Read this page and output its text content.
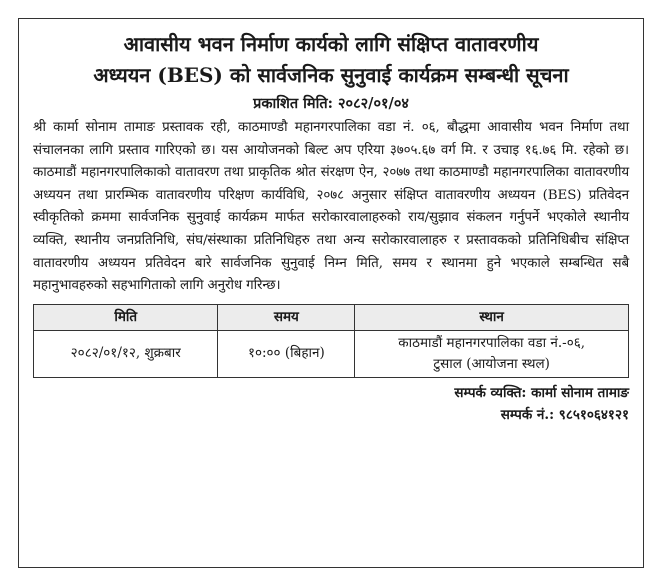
आवासीय भवन निर्माण कार्यको लागि संक्षिप्त वातावरणीय
अध्ययन (BES) को सार्वजनिक सुनुवाई कार्यक्रम सम्बन्धी सूचना
प्रकाशित मिति: २०८२/०१/०४
श्री कार्मा सोनाम तामाङ प्रस्तावक रही, काठमाण्डौ महानगरपालिका वडा नं. ०६, बौद्धमा आवासीय भवन निर्माण तथा संचालनका लागि प्रस्ताव गारिएको छ। यस आयोजनको बिल्ट अप एरिया ३७०५.६७ वर्ग मि. र उचाइ १६.७६ मि. रहेको छ। काठमाडौं महानगरपालिकाको वातावरण तथा प्राकृतिक श्रोत संरक्षण ऐन, २०७७ तथा काठमाण्डौ महानगरपालिका वातावरणीय अध्ययन तथा प्रारम्भिक वातावरणीय परिक्षण कार्यविधि, २०७८ अनुसार संक्षिप्त वातावरणीय अध्ययन (BES) प्रतिवेदन स्वीकृतिको क्रममा सार्वजनिक सुनुवाई कार्यक्रम मार्फत सरोकारवालाहरुको राय/सुझाव संकलन गर्नुपर्ने भएकोले स्थानीय व्यक्ति, स्थानीय जनप्रतिनिधि, संघ/संस्थाका प्रतिनिधिहरु तथा अन्य सरोकारवालाहरु र प्रस्तावकको प्रतिनिधिबीच संक्षिप्त वातावरणीय अध्ययन प्रतिवेदन बारे सार्वजनिक सुनुवाई निम्न मिति, समय र स्थानमा हुने भएकाले सम्बन्धित सबै महानुभावहरुको सहभागिताको लागि अनुरोध गरिन्छ।
मिति	समय	स्थान
२०८२/०१/१२, शुक्रबार	१०:०० (बिहान)	काठमाडौं महानगरपालिका वडा नं.-०६,
टुसाल (आयोजना स्थल)
सम्पर्क व्यक्ति: कार्मा सोनाम तामाङ
सम्पर्क नं.: ९८५१०६४१२१
